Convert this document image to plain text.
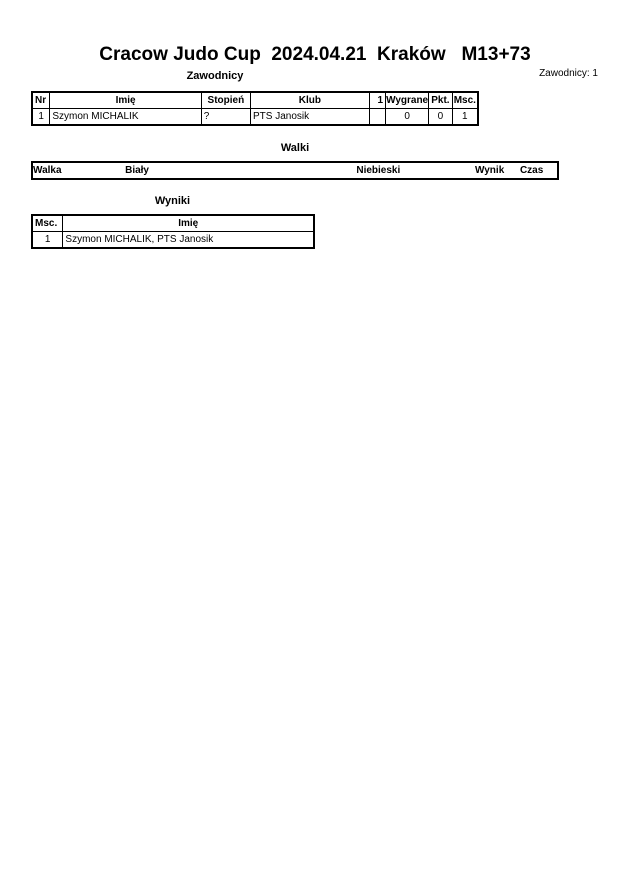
Cracow Judo Cup  2024.04.21  Kraków   M13+73
Zawodnicy: 1
Zawodnicy
Nr	Imię	Stopień	Klub	1	Wygrane	Pkt.	Msc.
1	Szymon MICHALIK	?	PTS Janosik		0	0	1
Walki
Walka	Biały	Niebieski	Wynik	Czas
Wyniki
Msc.	Imię
1	Szymon MICHALIK, PTS Janosik
